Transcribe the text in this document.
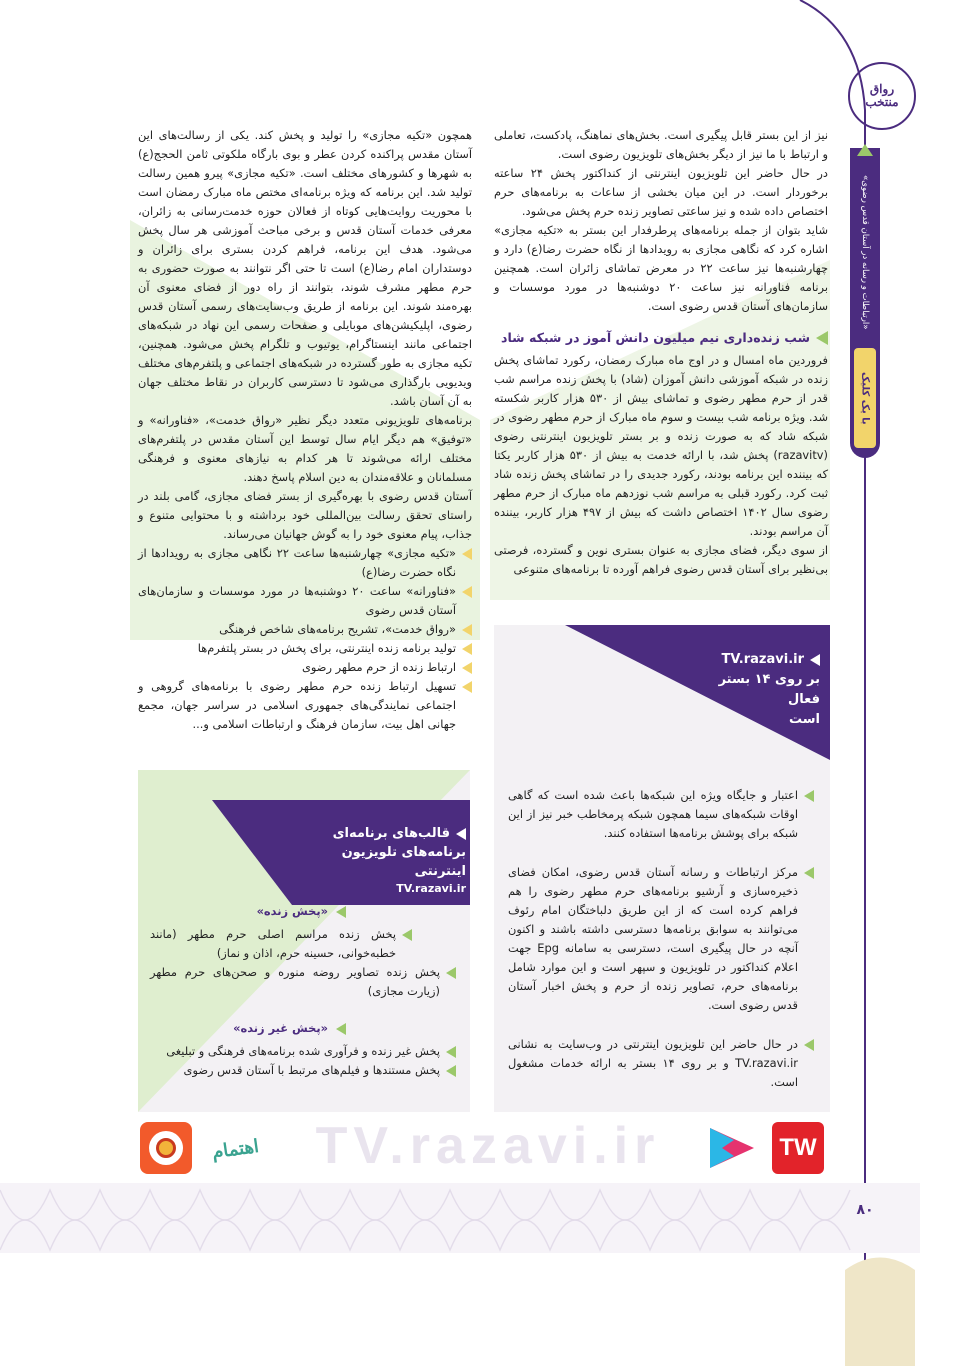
رواق منتخب
«ارتباطات و رسانه در آستان قدس رضوی»
با یک کلیک

نیز از این بستر قابل پیگیری است. بخش‌های نماهنگ، پادکست، تعاملی و ارتباط با ما نیز از دیگر بخش‌های تلویزیون رضوی است.

در حال حاضر این تلویزیون اینترنتی از کنداکتور پخش ۲۴ ساعته برخوردار است. در این میان بخشی از ساعات به برنامه‌های حرم اختصاص داده شده و نیز ساعتی تصاویر زنده حرم پخش می‌شود.

شاید بتوان از جمله برنامه‌های پرطرفدار این بستر به «تکیه مجازی» اشاره کرد که نگاهی مجازی به رویدادها از نگاه حضرت رضا(ع) دارد و چهارشنبه‌ها نیز ساعت ۲۲ در معرض تماشای زائران است. همچنین برنامه فناورانه نیز ساعت ۲۰ دوشنبه‌ها در مورد موسسات و سازمان‌های آستان قدس رضوی است.

شب زنده‌داری نیم میلیون دانش آموز در شبکه شاد

فروردین ماه امسال و در اوج ماه مبارک رمضان، رکورد تماشای پخش زنده در شبکه آموزشی دانش آموزان (شاد) با پخش زنده مراسم شب قدر از حرم مطهر رضوی و تماشای بیش از ۵۳۰ هزار کاربر شکسته شد. ویژه برنامه شب بیست و سوم ماه مبارک از حرم مطهر رضوی در شبکه شاد که به صورت زنده و بر بستر تلویزیون اینترنتی رضوی (razavitv) پخش شد، با ارائه خدمت به بیش از ۵۳۰ هزار کاربر یکتا که بیننده این برنامه بودند، رکورد جدیدی را در تماشای پخش زنده شاد ثبت کرد. رکورد قبلی به مراسم شب نوزدهم ماه مبارک از حرم مطهر رضوی سال ۱۴۰۲ اختصاص داشت که بیش از ۴۹۷ هزار کاربر، بیننده آن مراسم بودند.

از سوی دیگر، فضای مجازی به عنوان بستری نوین و گسترده، فرصتی بی‌نظیر برای آستان قدس رضوی فراهم آورده تا برنامه‌های متنوعی

همچون «تکیه مجازی» را تولید و پخش کند. یکی از رسالت‌های این آستان مقدس پراکنده کردن عطر و بوی بارگاه ملکوتی ثامن الحجج(ع) به شهرها و کشورهای مختلف است. «تکیه مجازی» پیرو همین رسالت تولید شد. این برنامه که ویژه برنامه‌ای مختص ماه مبارک رمضان است با محوریت روایت‌هایی کوتاه از فعالان حوزه خدمت‌رسانی به زائران، معرفی خدمات آستان قدس و برخی مباحث آموزشی هر سال پخش می‌شود. هدف این برنامه، فراهم کردن بستری برای زائران و دوستداران امام رضا(ع) است تا حتی اگر نتوانند به صورت حضوری به حرم مطهر مشرف شوند، بتوانند از راه دور از فضای معنوی آن بهره‌مند شوند. این برنامه از طریق وب‌سایت‌های رسمی آستان قدس رضوی، اپلیکیشن‌های موبایلی و صفحات رسمی این نهاد در شبکه‌های اجتماعی مانند اینستاگرام، یوتیوب و تلگرام پخش می‌شود. همچنین، تکیه مجازی به طور گسترده در شبکه‌های اجتماعی و پلتفرم‌های مختلف ویدیویی بارگذاری می‌شود تا دسترسی کاربران در نقاط مختلف جهان به آن آسان باشد.

برنامه‌های تلویزیونی متعدد دیگر نظیر «رواق خدمت»، «فناورانه» و «توفیق» هم دیگر ایام سال توسط این آستان مقدس در پلتفرم‌های مختلف ارائه می‌شوند تا هر کدام به نیازهای معنوی و فرهنگی مسلمانان و علاقه‌مندان به دین اسلام پاسخ دهند.

آستان قدس رضوی با بهره‌گیری از بستر فضای مجازی، گامی بلند در راستای تحقق رسالت بین‌المللی خود برداشته و با محتوایی متنوع و جذاب، پیام معنوی خود را به گوش جهانیان می‌رساند.

«تکیه مجازی» چهارشنبه‌ها ساعت ۲۲ نگاهی مجازی به رویدادها از نگاه حضرت رضا(ع)
«فناورانه» ساعت ۲۰ دوشنبه‌ها در مورد موسسات و سازمان‌های آستان قدس رضوی
«رواق خدمت»، تشریح برنامه‌های شاخص فرهنگی
تولید برنامه زنده اینترنتی، برای پخش در بستر پلتفرم‌ها
ارتباط زنده از حرم مطهر رضوی
تسهیل ارتباط زنده حرم مطهر رضوی با برنامه‌های گروهی و اجتماعی نمایندگی‌های جمهوری اسلامی در سراسر جهان، مجمع جهانی اهل بیت، سازمان فرهنگ و ارتباطات اسلامی و...
TV.razavi.ir
بر روی ۱۴ بستر فعال
است
اعتبار و جایگاه ویژه این شبکه‌ها باعث شده است که گاهی اوقات شبکه‌های سیما همچون شبکه پرمخاطب خبر نیز از این شبکه برای پوشش برنامه‌ها استفاده کنند.
مرکز ارتباطات و رسانه آستان قدس رضوی، امکان فضای ذخیره‌سازی و آرشیو برنامه‌های حرم مطهر رضوی را هم فراهم کرده است که از این طریق دلباختگان امام رئوف می‌توانند به سوابق برنامه‌ها دسترسی داشته باشند و اکنون آنچه در حال پیگیری است، دسترسی به سامانه Epg جهت اعلام کنداکتور در تلویزیون و سپهر است و این موارد شامل برنامه‌های حرم، تصاویر زنده از حرم و پخش اخبار آستان قدس رضوی است.
در حال حاضر این تلویزیون اینترنتی در وب‌سایت به نشانی TV.razavi.ir و بر روی ۱۴ بستر به ارائه خدمات مشغول است.
قالب‌های برنامه‌ای
برنامه‌های تلویزیون
اینترنتی
TV.razavi.ir
«پخش زنده»
پخش زنده مراسم اصلی حرم مطهر (مانند خطبه‌خوانی، حسینه حرم، اذان و نماز)
پخش زنده تصاویر روضه منوره و صحن‌های حرم مطهر (زیارت مجازی)
«پخش غیر زنده»
پخش غیر زنده و فرآوری شده برنامه‌های فرهنگی و تبلیغی
پخش مستندها و فیلم‌های مرتبط با آستان قدس رضوی
TW
TV.razavi.ir
اهتمام
۸۰
